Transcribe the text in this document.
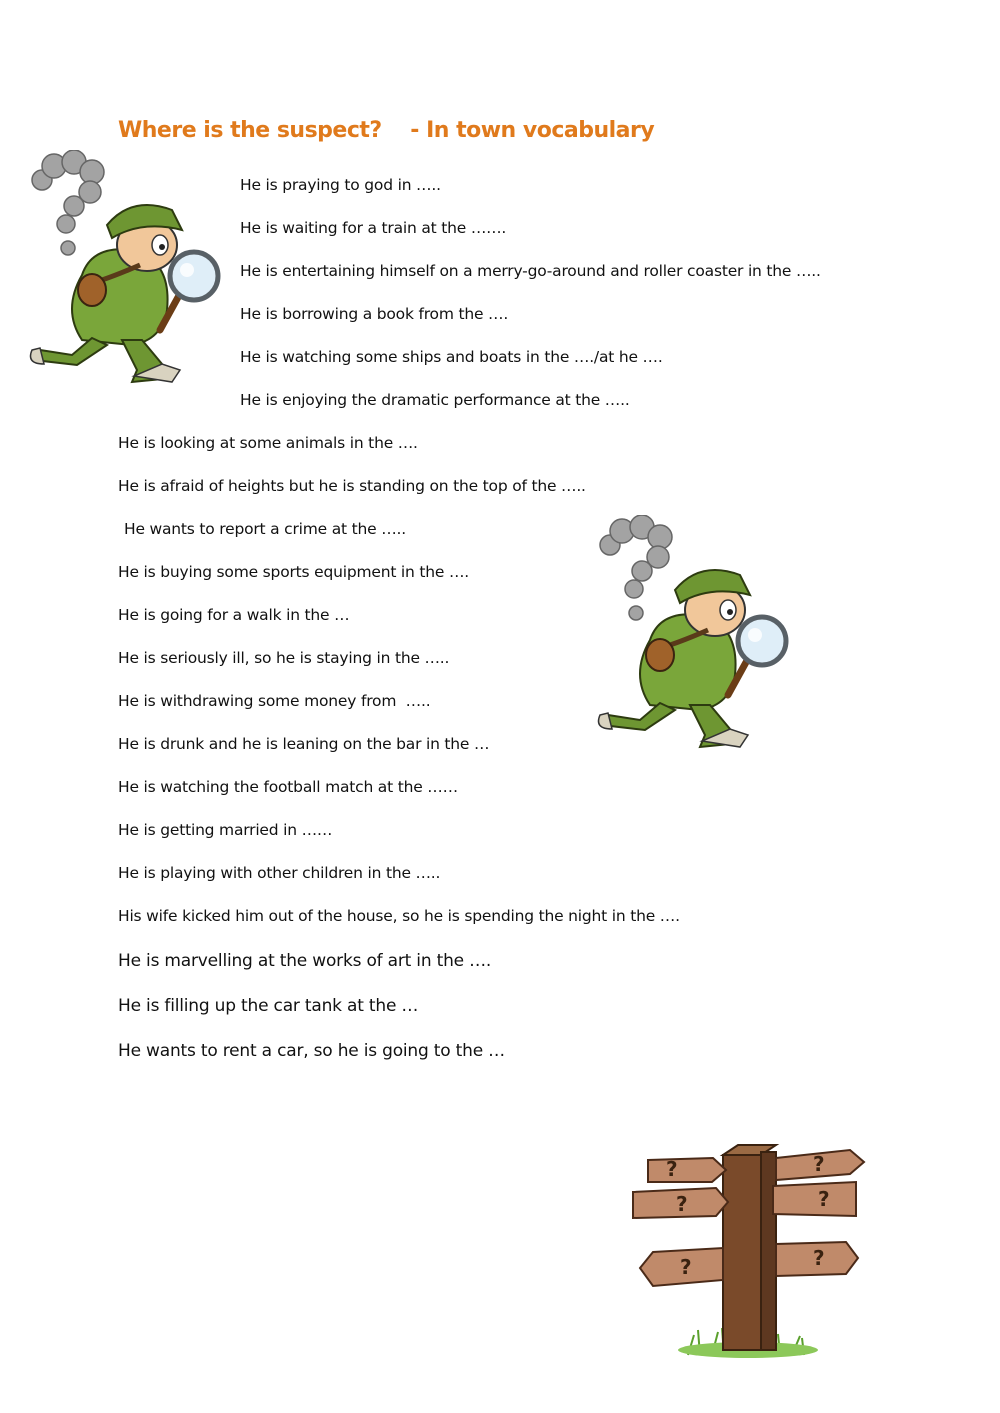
Where is the suspect?    - In town vocabulary
?
?
?
?
?
?

He is praying to god in …..

He is waiting for a train at the …….

He is entertaining himself on a merry-go-around and roller coaster in the …..

He is borrowing a book from the ….

He is watching some ships and boats in the …./at he ….

He is enjoying the dramatic performance at the …..

He is looking at some animals in the ….

He is afraid of heights but he is standing on the top of the …..

He wants to report a crime at the …..

He is buying some sports equipment in the ….

He is going for a walk in the …

He is seriously ill, so he is staying in the …..

He is withdrawing some money from  …..

He is drunk and he is leaning on the bar in the …

He is watching the football match at the ……

He is getting married in ……

He is playing with other children in the …..

His wife kicked him out of the house, so he is spending the night in the ….

He is marvelling at the works of art in the ….

He is filling up the car tank at the …

He wants to rent a car, so he is going to the …
